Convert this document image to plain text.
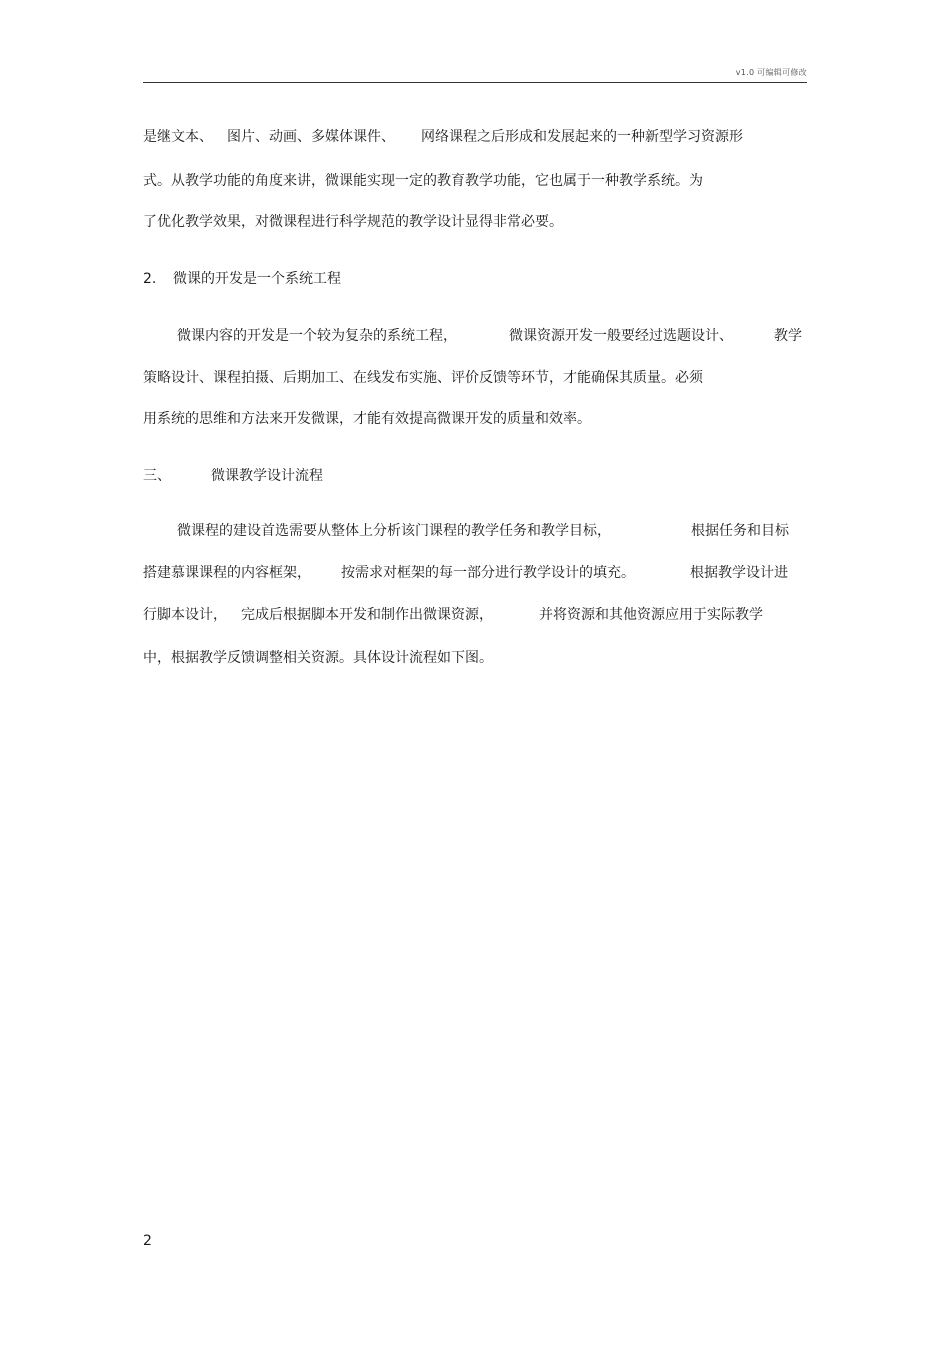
v1.0 可编辑可修改
是继文本、 图片、动画、多媒体课件、 网络课程之后形成和发展起来的一种新型学习资源形
式。从教学功能的角度来讲，微课能实现一定的教育教学功能，它也属于一种教学系统。为
了优化教学效果，对微课程进行科学规范的教学设计显得非常必要。
2. 微课的开发是一个系统工程
微课内容的开发是一个较为复杂的系统工程，	微课资源开发一般要经过选题设计、	教学
策略设计、课程拍摄、后期加工、在线发布实施、评价反馈等环节，才能确保其质量。必须
用系统的思维和方法来开发微课，才能有效提高微课开发的质量和效率。
三、	微课教学设计流程
微课程的建设首选需要从整体上分析该门课程的教学任务和教学目标，	根据任务和目标
搭建慕课课程的内容框架， 按需求对框架的每一部分进行教学设计的填充。	根据教学设计进
行脚本设计， 完成后根据脚本开发和制作出微课资源，	并将资源和其他资源应用于实际教学
中，根据教学反馈调整相关资源。具体设计流程如下图。
2
